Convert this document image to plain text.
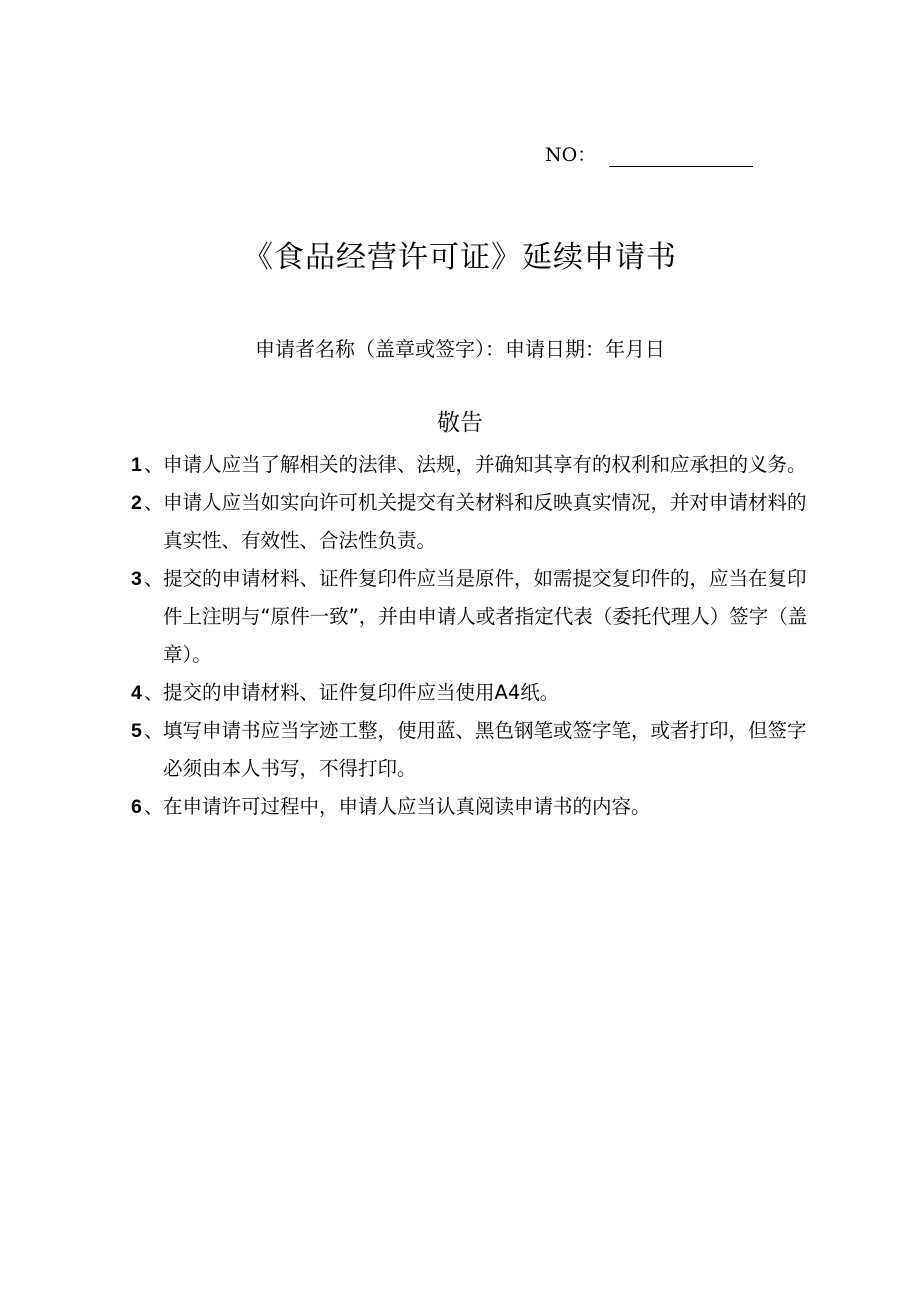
NO：
《食品经营许可证》延续申请书
申请者名称（盖章或签字）：申请日期：年月日
敬告
1 、 申请人应当了解相关的法律、法规，并确知其享有的权利和应承担的义务。
2 、 申请人应当如实向许可机关提交有关材料和反映真实情况，并对申请材料的真实性、有效性、合法性负责。
3 、 提交的申请材料、证件复印件应当是原件，如需提交复印件的，应当在复印件上注明与“原件一致”，并由申请人或者指定代表（委托代理人）签字（盖章）。
4 、 提交的申请材料、证件复印件应当使用A4纸。
5 、 填写申请书应当字迹工整，使用蓝、黑色钢笔或签字笔，或者打印，但签字必须由本人书写，不得打印。
6 、 在申请许可过程中，申请人应当认真阅读申请书的内容。
